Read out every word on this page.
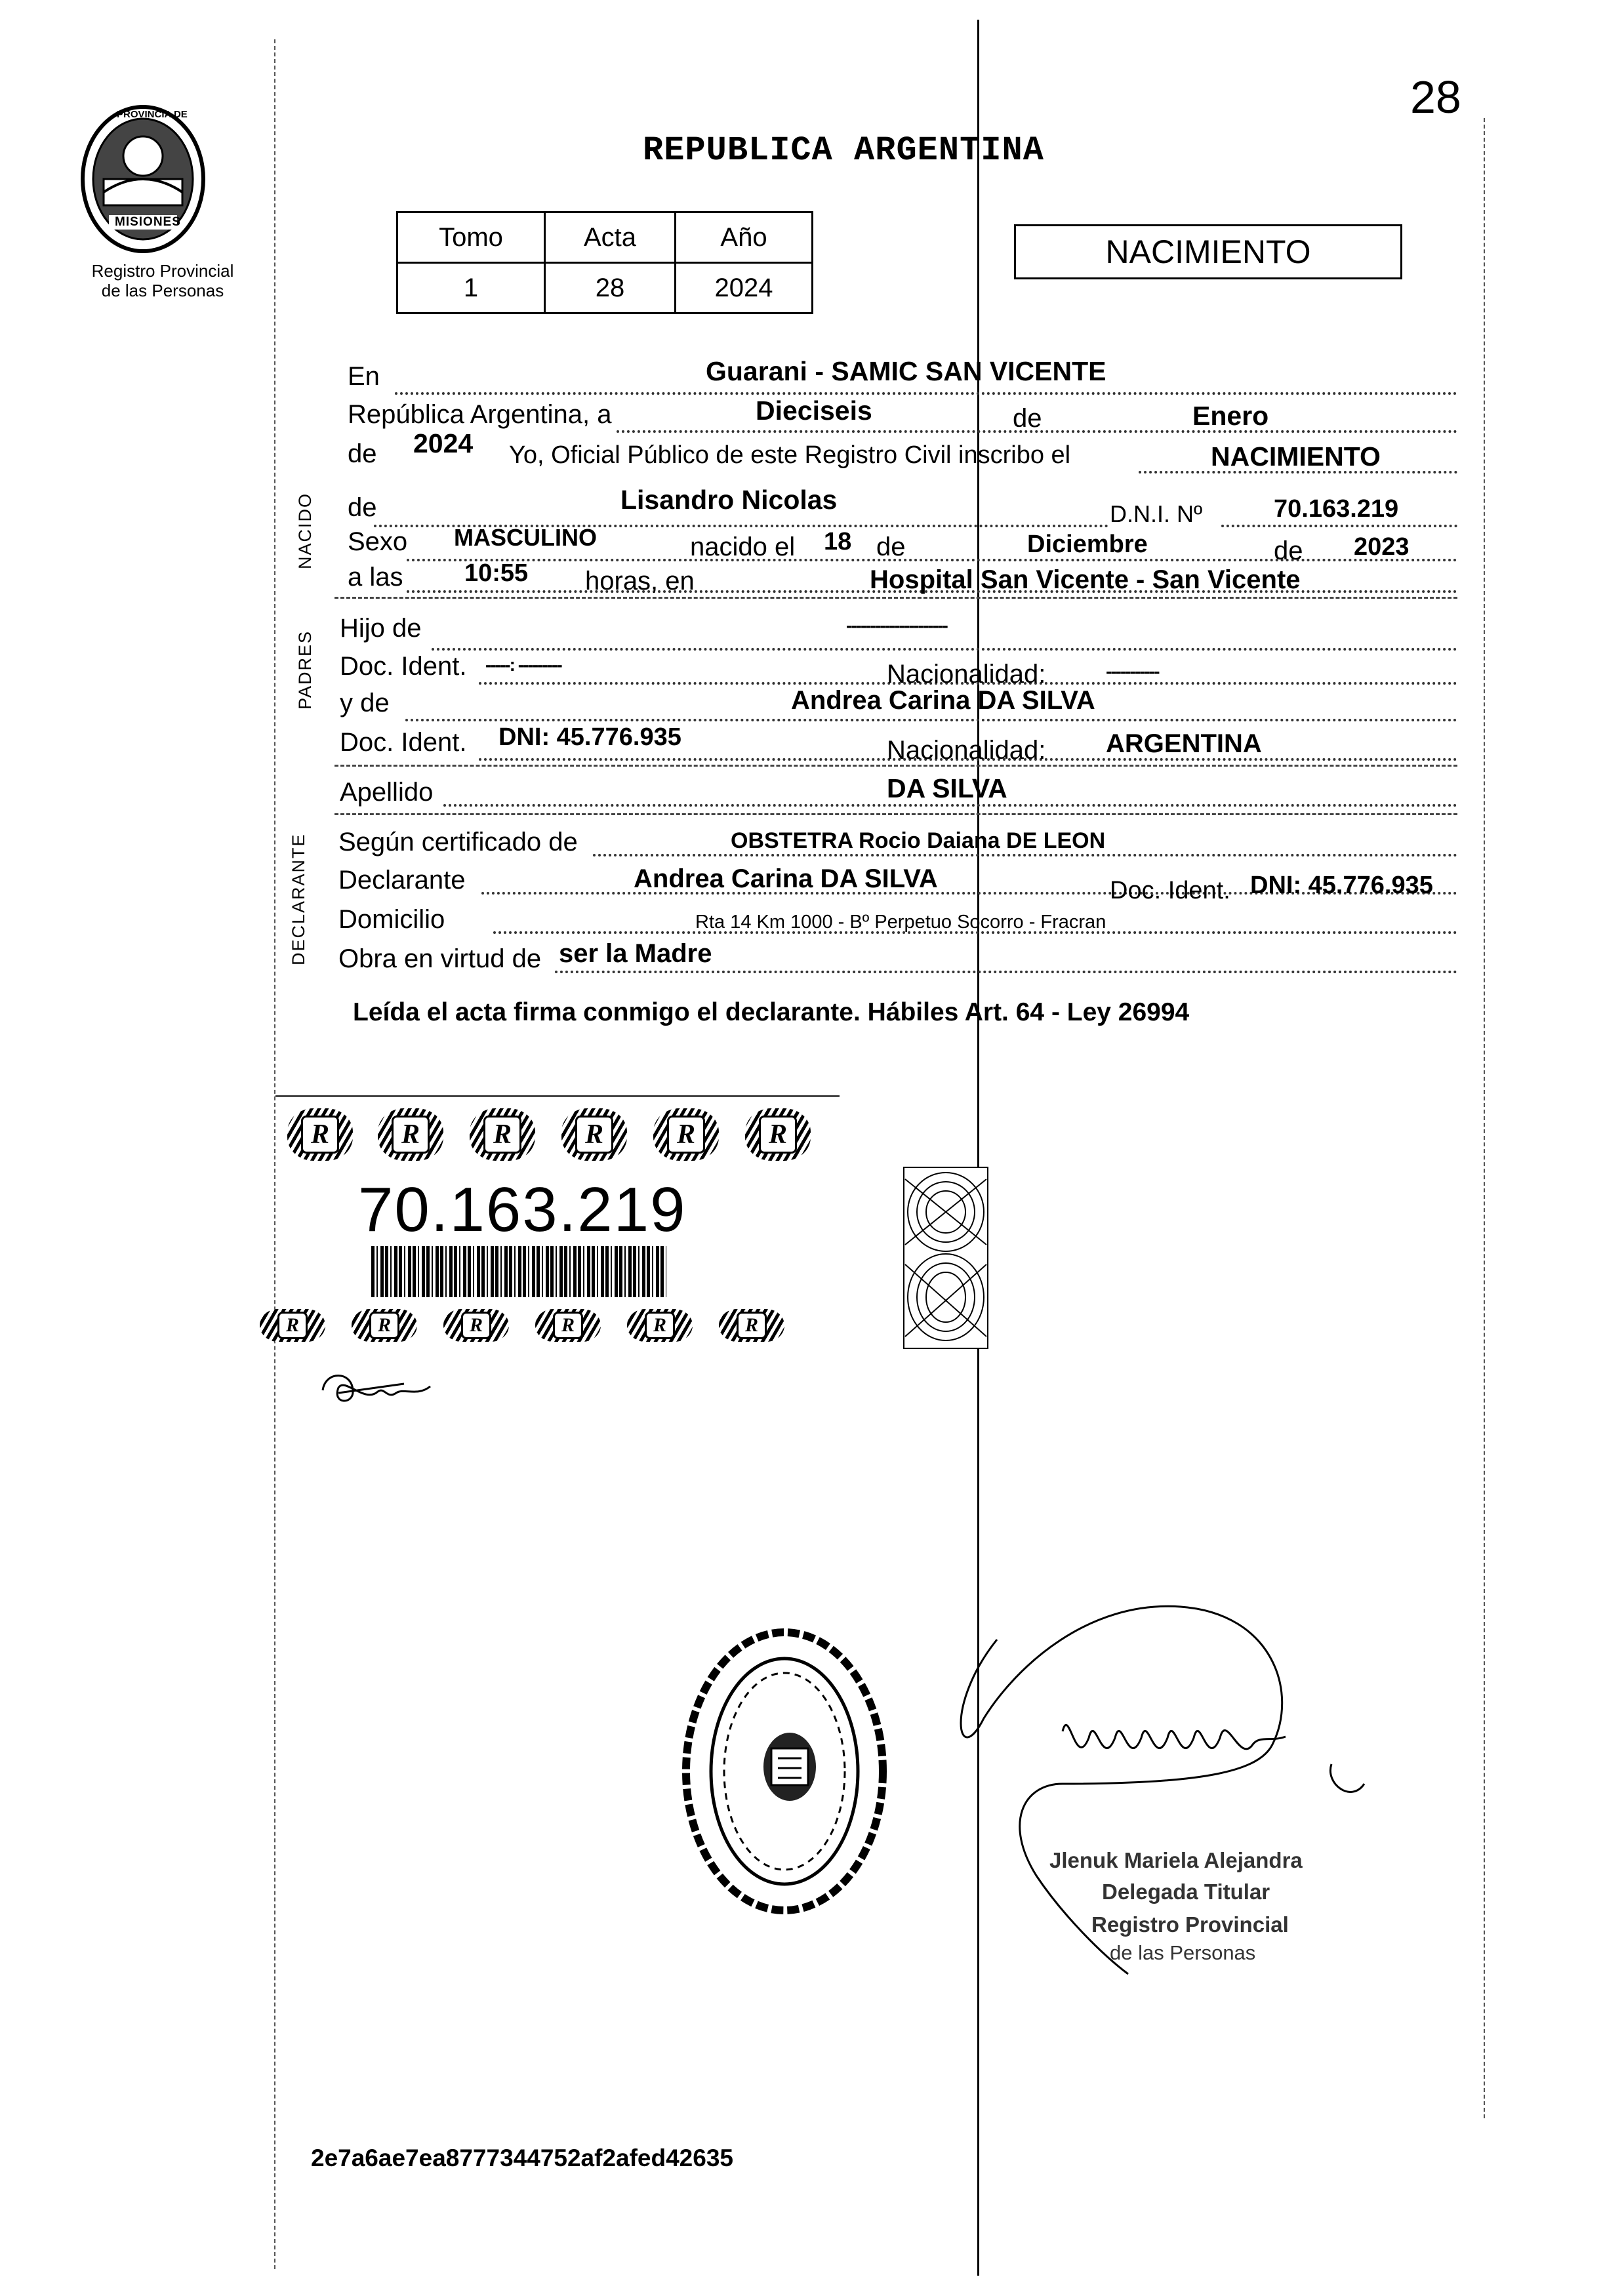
28
PROVINCIA DE
MISIONES
Registro Provincial
de las Personas
REPUBLICA ARGENTINA
Tomo	Acta	Año
1	28	2024
NACIMIENTO
NACIDO
PADRES
DECLARANTE
En	Guarani - SAMIC SAN VICENTE
República Argentina, a	Dieciseis	de	Enero
de 2024 Yo, Oficial Público de este Registro Civil inscribo el	NACIMIENTO
de	Lisandro Nicolas	D.N.I. Nº	70.163.219
Sexo MASCULINO	nacido el 18 de	Diciembre	de 2023
a las 10:55 horas, en	Hospital San Vicente - San Vicente
Hijo de	---------------------
Doc. Ident. -----: ---------	Nacionalidad:	-----------
y de	Andrea Carina DA SILVA
Doc. Ident. DNI: 45.776.935	Nacionalidad: ARGENTINA
Apellido	DA SILVA
Según certificado de	OBSTETRA Rocio Daiana DE LEON
Declarante	Andrea Carina DA SILVA	Doc. Ident. DNI: 45.776.935
Domicilio	Rta 14 Km 1000 - Bº Perpetuo Socorro - Fracran
Obra en virtud de ser la Madre
Leída el acta firma conmigo el declarante. Hábiles Art. 64 - Ley 26994
R	R	R	R	R	R
70.163.219
R	R	R	R	R	R
Jlenuk Mariela Alejandra
Delegada Titular
Registro Provincial
de las Personas
2e7a6ae7ea8777344752af2afed42635
